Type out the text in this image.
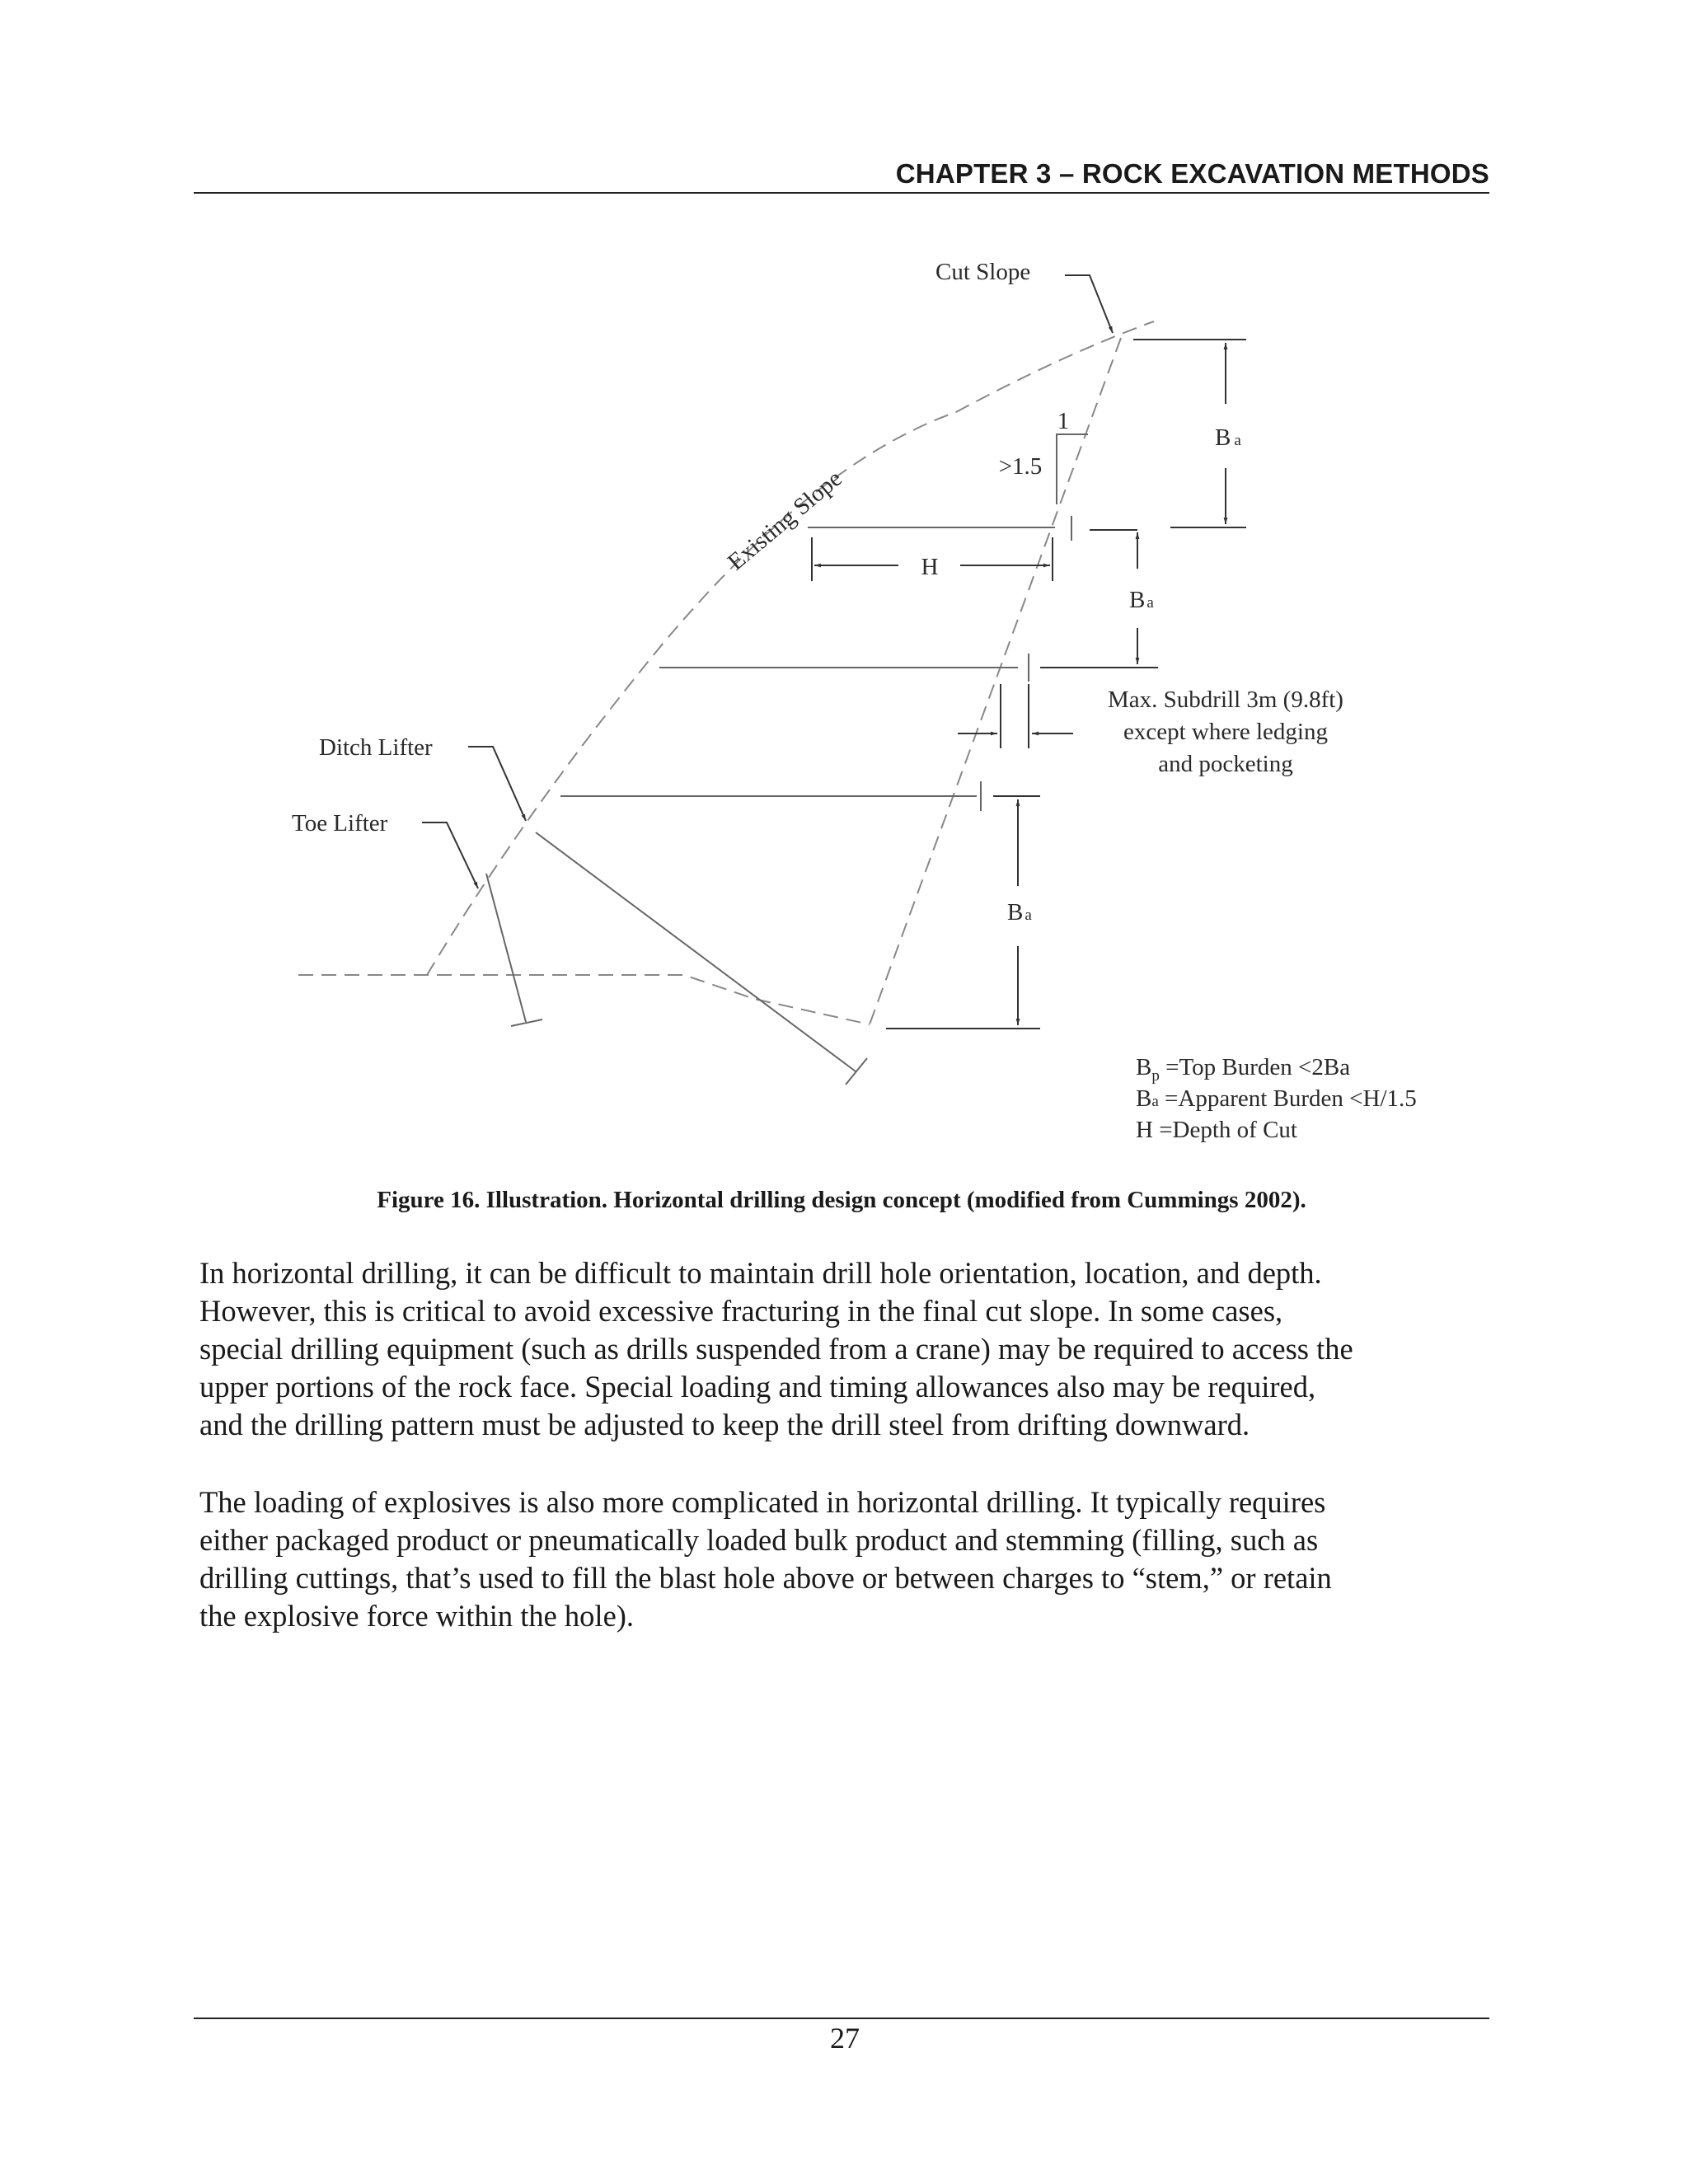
CHAPTER 3 – ROCK EXCAVATION METHODS
1
>1.5
H
Ba
Ba
Max. Subdrill 3m (9.8ft)
except where ledging
and pocketing
Ba
Cut Slope
Existing Slope
Ditch Lifter
Toe Lifter
$B_p =Top$ Burden <2Ba
Ba =Apparent Burden <H/1.5
H =Depth of Cut
Figure 16. Illustration. Horizontal drilling design concept (modified from Cummings 2002).
In horizontal drilling, it can be difficult to maintain drill hole orientation, location, and depth.
However, this is critical to avoid excessive fracturing in the final cut slope. In some cases,
special drilling equipment (such as drills suspended from a crane) may be required to access the
upper portions of the rock face. Special loading and timing allowances also may be required,
and the drilling pattern must be adjusted to keep the drill steel from drifting downward.
The loading of explosives is also more complicated in horizontal drilling. It typically requires
either packaged product or pneumatically loaded bulk product and stemming (filling, such as
drilling cuttings, that’s used to fill the blast hole above or between charges to “stem,” or retain
the explosive force within the hole).
27
